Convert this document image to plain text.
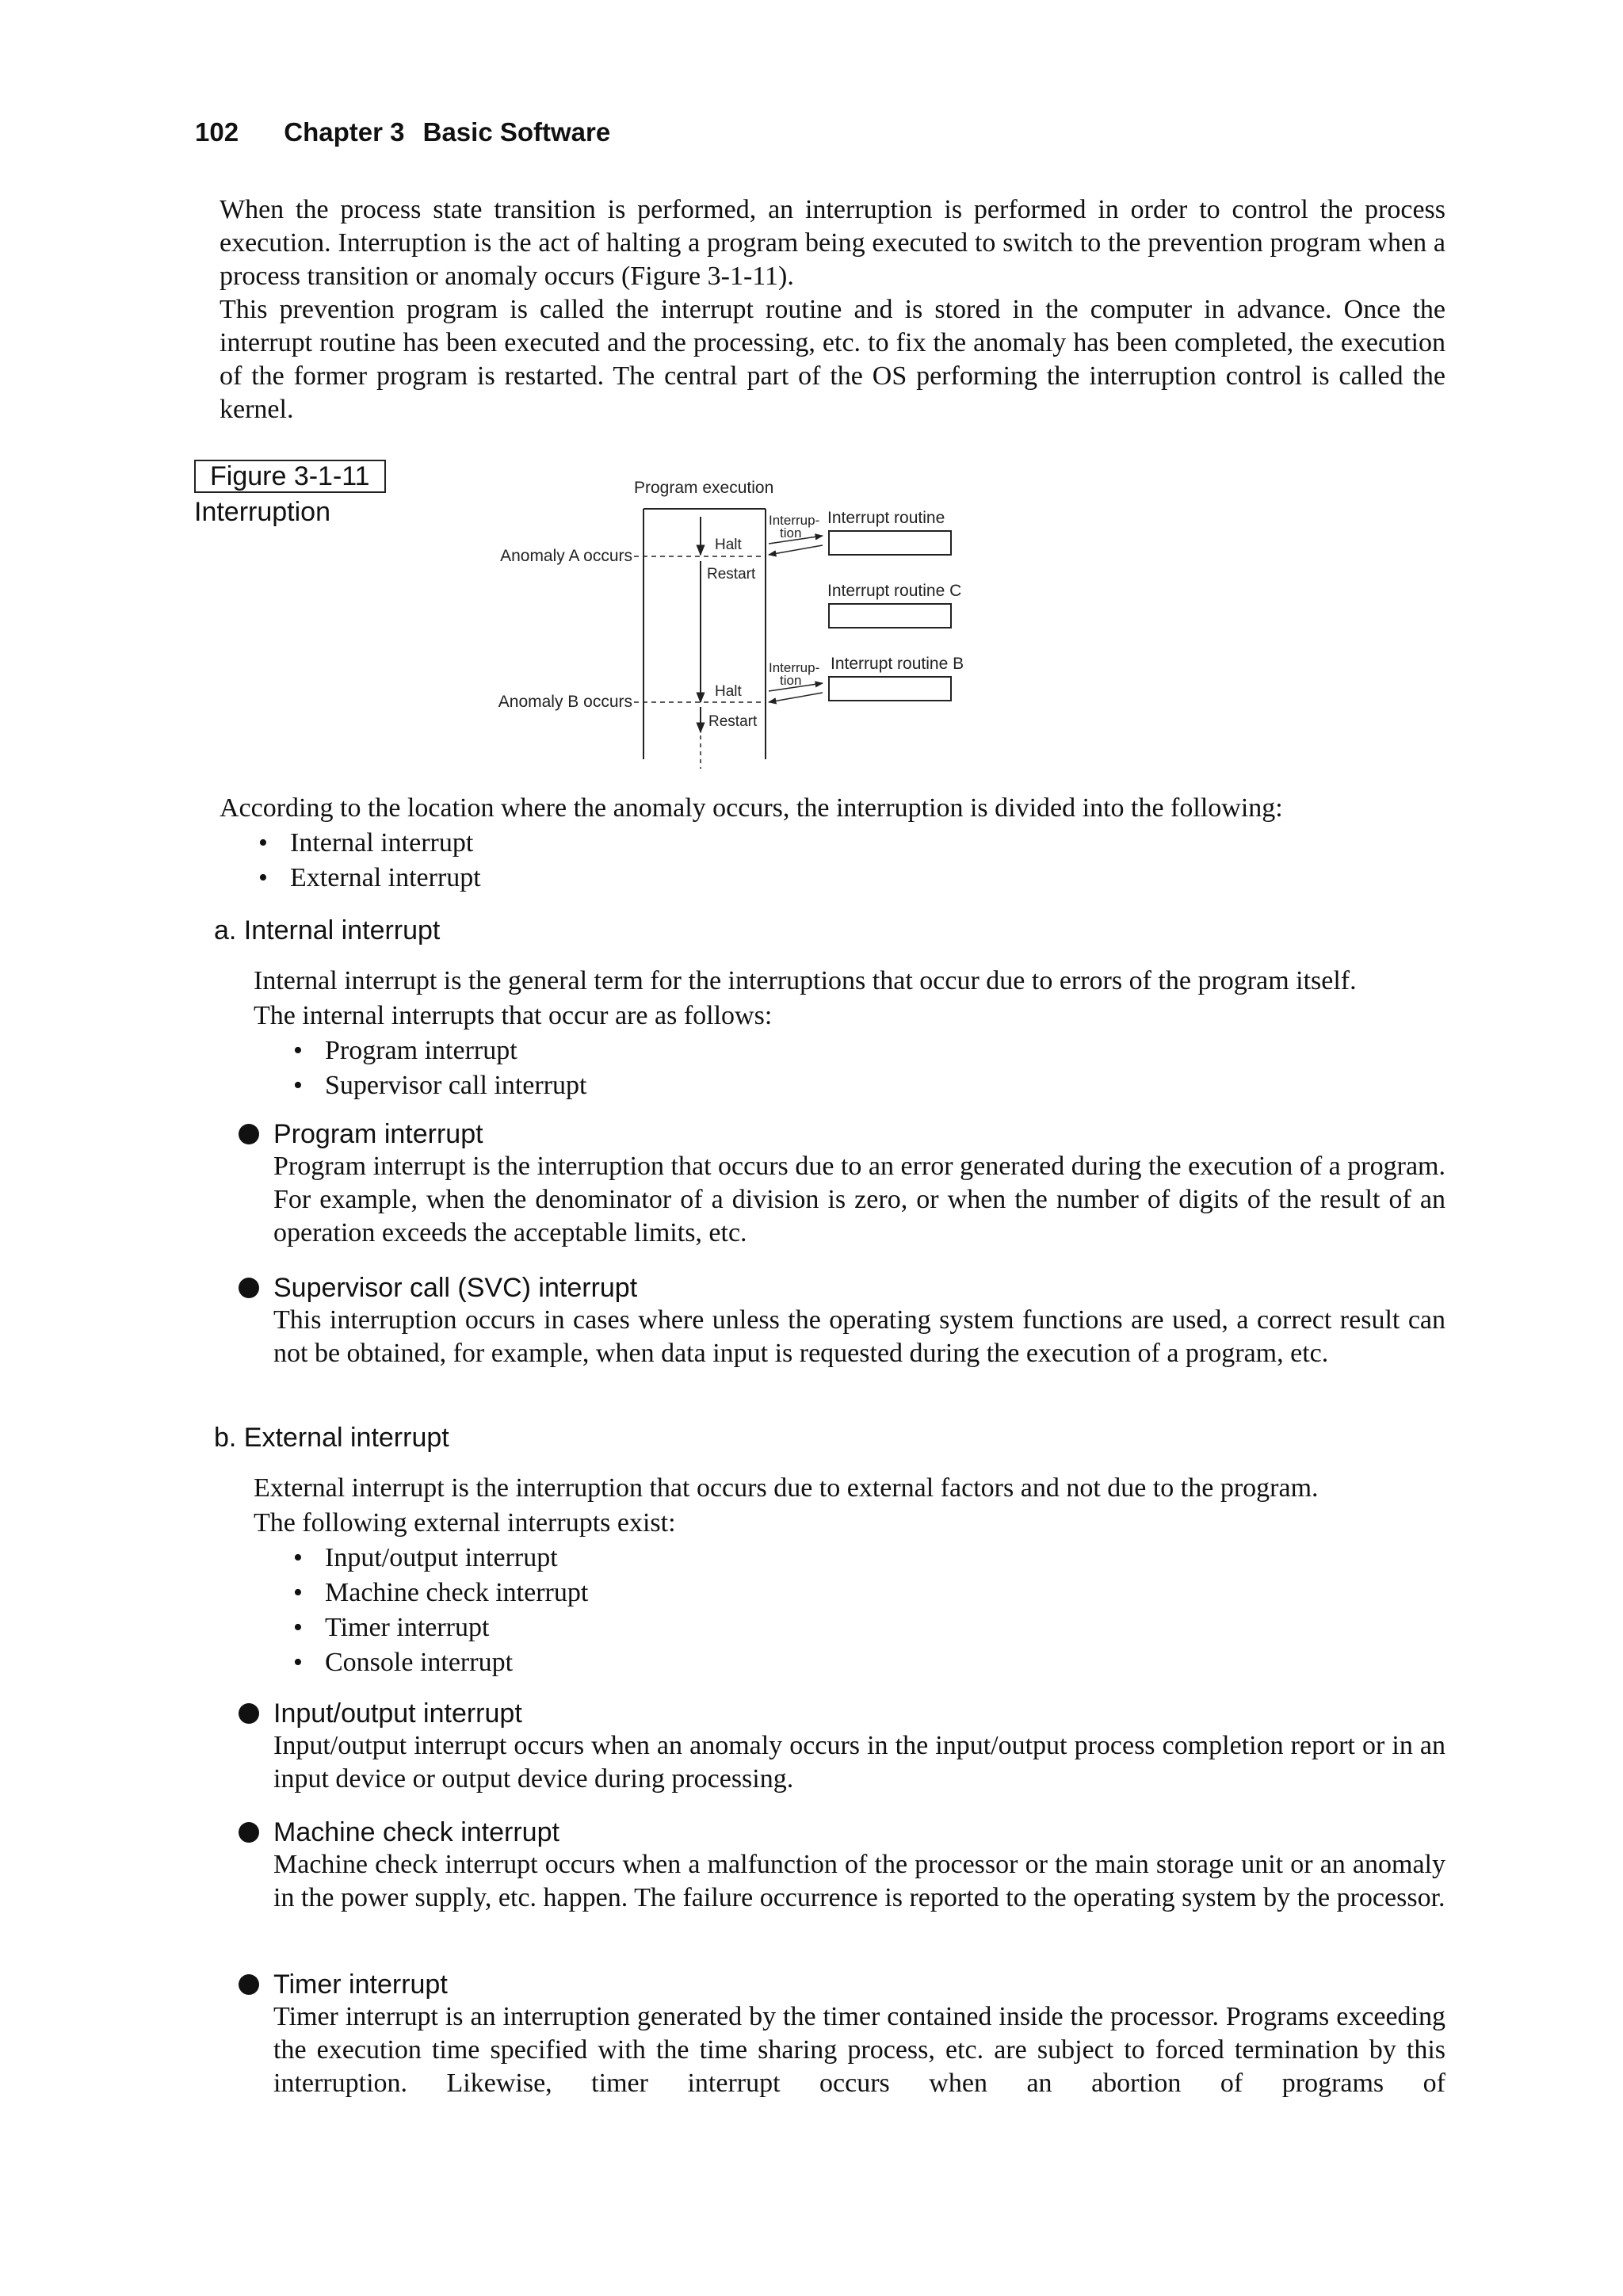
102 Chapter 3 Basic Software

When the process state transition is performed, an interruption is performed in order to control the process execution. Interruption is the act of halting a program being executed to switch to the prevention program when a process transition or anomaly occurs (Figure 3-1-11).

This prevention program is called the interrupt routine and is stored in the computer in advance. Once the interrupt routine has been executed and the processing, etc. to fix the anomaly has been completed, the execution of the former program is restarted. The central part of the OS performing the interruption control is called the kernel.

Figure 3-1-11
Interruption
Program execution
Anomaly A occurs
Halt
Restart
Interrup-
tion
Interrupt routine
Interrupt routine C
Anomaly B occurs
Halt
Restart
Interrup-
tion
Interrupt routine B
According to the location where the anomaly occurs, the interruption is divided into the following:
• Internal interrupt
• External interrupt
a. Internal interrupt
Internal interrupt is the general term for the interruptions that occur due to errors of the program itself.
The internal interrupts that occur are as follows:
• Program interrupt
• Supervisor call interrupt
Program interrupt

Program interrupt is the interruption that occurs due to an error generated during the execution of a program. For example, when the denominator of a division is zero, or when the number of digits of the result of an operation exceeds the acceptable limits, etc.

Supervisor call (SVC) interrupt

This interruption occurs in cases where unless the operating system functions are used, a correct result can not be obtained, for example, when data input is requested during the execution of a program, etc.

b. External interrupt
External interrupt is the interruption that occurs due to external factors and not due to the program.
The following external interrupts exist:
• Input/output interrupt
• Machine check interrupt
• Timer interrupt
• Console interrupt
Input/output interrupt

Input/output interrupt occurs when an anomaly occurs in the input/output process completion report or in an input device or output device during processing.

Machine check interrupt

Machine check interrupt occurs when a malfunction of the processor or the main storage unit or an anomaly in the power supply, etc. happen. The failure occurrence is reported to the operating system by the processor.

Timer interrupt

Timer interrupt is an interruption generated by the timer contained inside the processor. Programs exceeding the execution time specified with the time sharing process, etc. are subject to forced termination by this interruption. Likewise, timer interrupt occurs when an abortion of programs of
